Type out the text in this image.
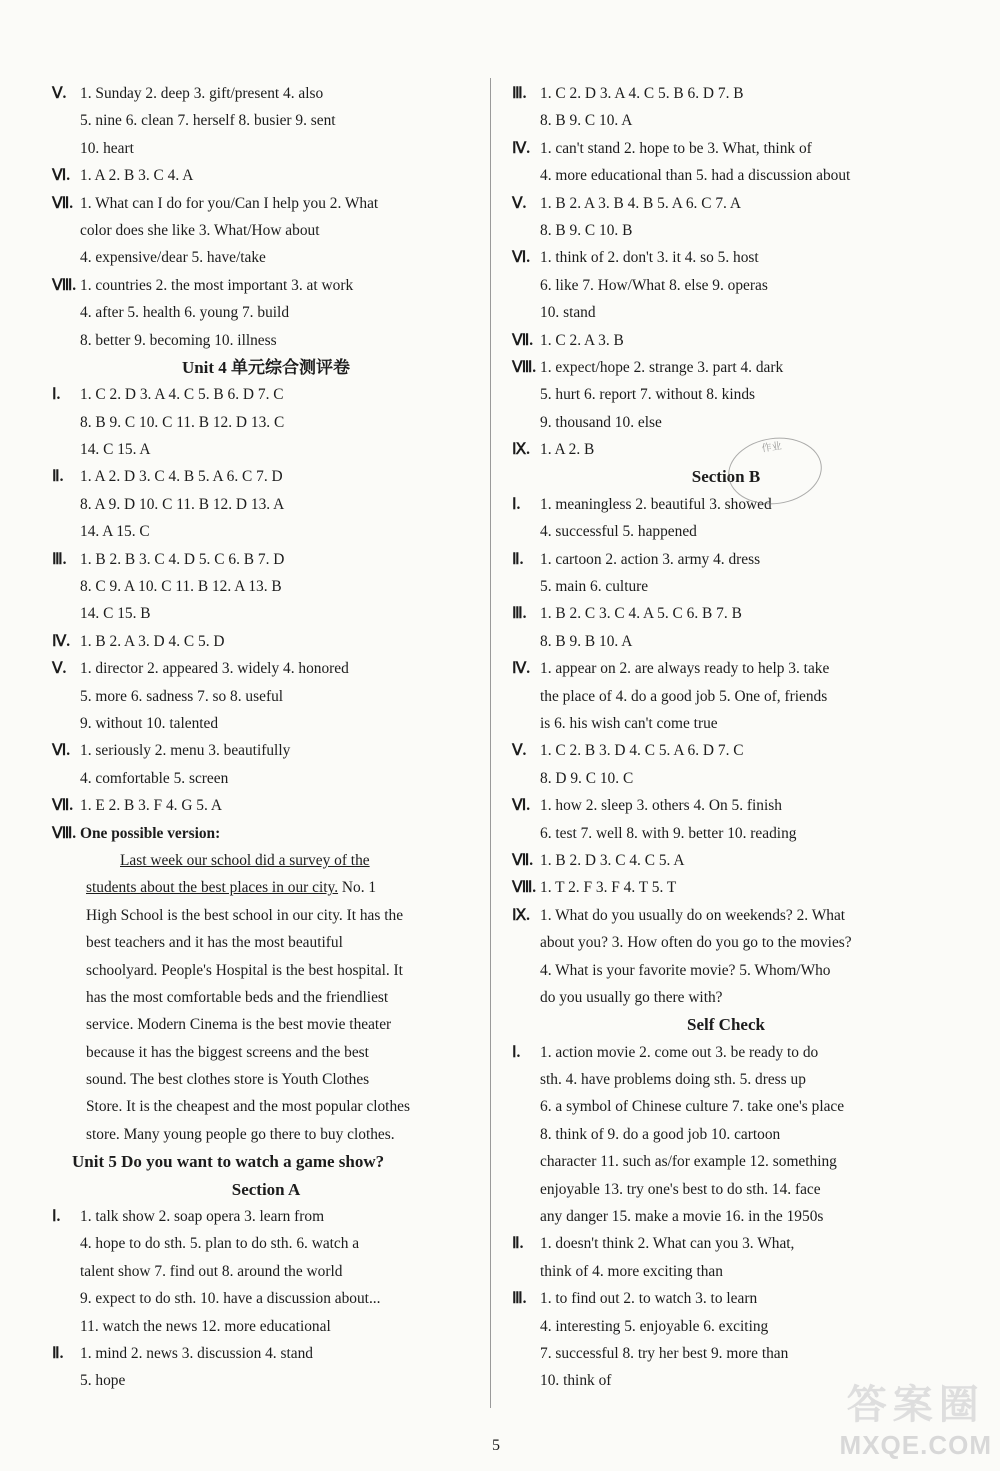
Ⅴ. 1. Sunday 2. deep 3. gift/present 4. also
5. nine 6. clean 7. herself 8. busier 9. sent
10. heart
Ⅵ. 1. A 2. B 3. C 4. A
Ⅶ. 1. What can I do for you/Can I help you 2. What
color does she like 3. What/How about
4. expensive/dear 5. have/take
Ⅷ. 1. countries 2. the most important 3. at work
4. after 5. health 6. young 7. build
8. better 9. becoming 10. illness
Unit 4 单元综合测评卷
Ⅰ. 1. C 2. D 3. A 4. C 5. B 6. D 7. C
8. B 9. C 10. C 11. B 12. D 13. C
14. C 15. A
Ⅱ. 1. A 2. D 3. C 4. B 5. A 6. C 7. D
8. A 9. D 10. C 11. B 12. D 13. A
14. A 15. C
Ⅲ. 1. B 2. B 3. C 4. D 5. C 6. B 7. D
8. C 9. A 10. C 11. B 12. A 13. B
14. C 15. B
Ⅳ. 1. B 2. A 3. D 4. C 5. D
Ⅴ. 1. director 2. appeared 3. widely 4. honored
5. more 6. sadness 7. so 8. useful
9. without 10. talented
Ⅵ. 1. seriously 2. menu 3. beautifully
4. comfortable 5. screen
Ⅶ. 1. E 2. B 3. F 4. G 5. A
Ⅷ. One possible version:
Last week our school did a survey of the
students about the best places in our city. No. 1
High School is the best school in our city. It has the
best teachers and it has the most beautiful
schoolyard. People's Hospital is the best hospital. It
has the most comfortable beds and the friendliest
service. Modern Cinema is the best movie theater
because it has the biggest screens and the best
sound. The best clothes store is Youth Clothes
Store. It is the cheapest and the most popular clothes
store. Many young people go there to buy clothes.
Unit 5 Do you want to watch a game show?
Section A
Ⅰ. 1. talk show 2. soap opera 3. learn from
4. hope to do sth. 5. plan to do sth. 6. watch a
talent show 7. find out 8. around the world
9. expect to do sth. 10. have a discussion about...
11. watch the news 12. more educational
Ⅱ. 1. mind 2. news 3. discussion 4. stand
5. hope
Ⅲ. 1. C 2. D 3. A 4. C 5. B 6. D 7. B
8. B 9. C 10. A
Ⅳ. 1. can't stand 2. hope to be 3. What, think of
4. more educational than 5. had a discussion about
Ⅴ. 1. B 2. A 3. B 4. B 5. A 6. C 7. A
8. B 9. C 10. B
Ⅵ. 1. think of 2. don't 3. it 4. so 5. host
6. like 7. How/What 8. else 9. operas
10. stand
Ⅶ. 1. C 2. A 3. B
Ⅷ. 1. expect/hope 2. strange 3. part 4. dark
5. hurt 6. report 7. without 8. kinds
9. thousand 10. else
Ⅸ. 1. A 2. B
Section B
Ⅰ. 1. meaningless 2. beautiful 3. showed
4. successful 5. happened
Ⅱ. 1. cartoon 2. action 3. army 4. dress
5. main 6. culture
Ⅲ. 1. B 2. C 3. C 4. A 5. C 6. B 7. B
8. B 9. B 10. A
Ⅳ. 1. appear on 2. are always ready to help 3. take
the place of 4. do a good job 5. One of, friends
is 6. his wish can't come true
Ⅴ. 1. C 2. B 3. D 4. C 5. A 6. D 7. C
8. D 9. C 10. C
Ⅵ. 1. how 2. sleep 3. others 4. On 5. finish
6. test 7. well 8. with 9. better 10. reading
Ⅶ. 1. B 2. D 3. C 4. C 5. A
Ⅷ. 1. T 2. F 3. F 4. T 5. T
Ⅸ. 1. What do you usually do on weekends? 2. What
about you? 3. How often do you go to the movies?
4. What is your favorite movie? 5. Whom/Who
do you usually go there with?
Self Check
Ⅰ. 1. action movie 2. come out 3. be ready to do
sth. 4. have problems doing sth. 5. dress up
6. a symbol of Chinese culture 7. take one's place
8. think of 9. do a good job 10. cartoon
character 11. such as/for example 12. something
enjoyable 13. try one's best to do sth. 14. face
any danger 15. make a movie 16. in the 1950s
Ⅱ. 1. doesn't think 2. What can you 3. What,
think of 4. more exciting than
Ⅲ. 1. to find out 2. to watch 3. to learn
4. interesting 5. enjoyable 6. exciting
7. successful 8. try her best 9. more than
10. think of
作业
5
答案圈
MXQE.COM
